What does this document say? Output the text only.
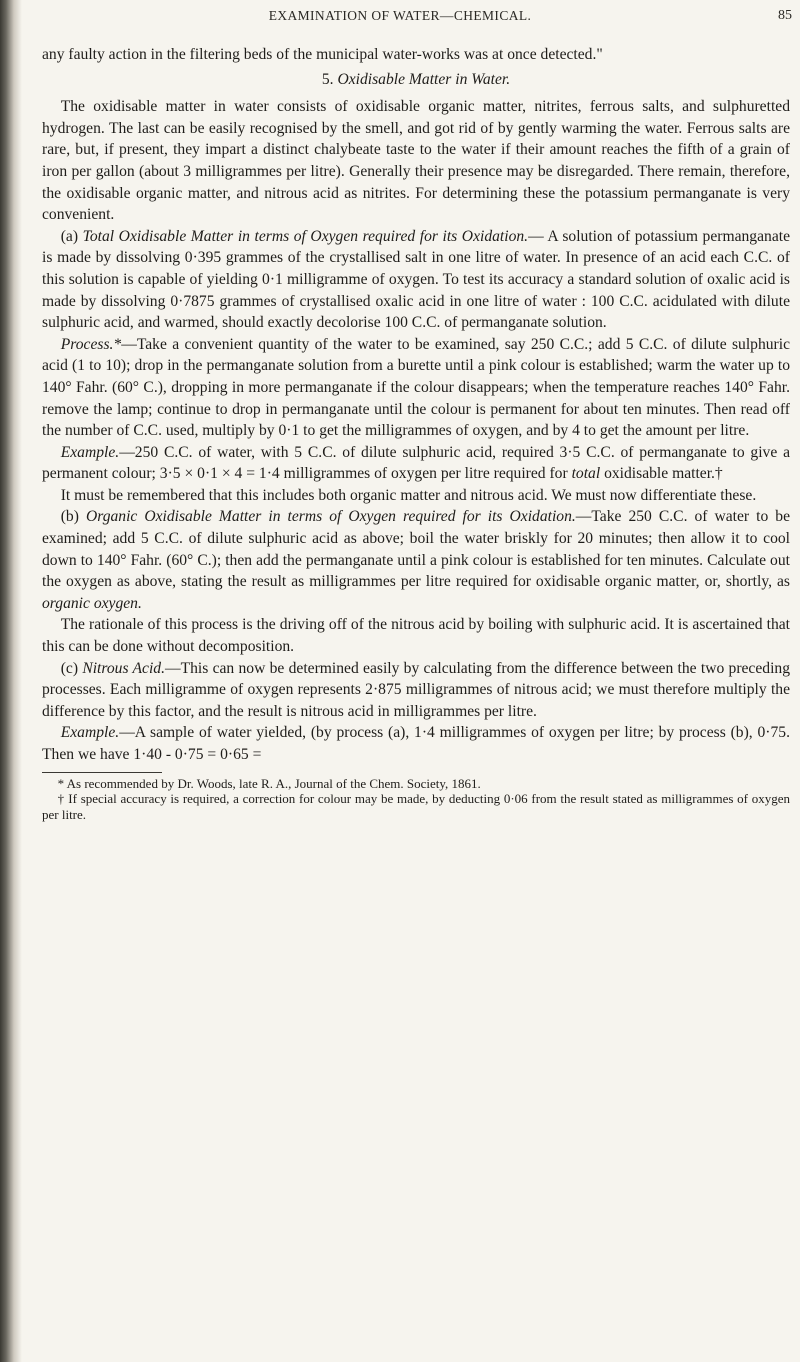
EXAMINATION OF WATER—CHEMICAL.	85

any faulty action in the filtering beds of the municipal water-works was at once detected."

5. Oxidisable Matter in Water.

The oxidisable matter in water consists of oxidisable organic matter, nitrites, ferrous salts, and sulphuretted hydrogen. The last can be easily recognised by the smell, and got rid of by gently warming the water. Ferrous salts are rare, but, if present, they impart a distinct chalybeate taste to the water if their amount reaches the fifth of a grain of iron per gallon (about 3 milligrammes per litre). Generally their presence may be disregarded. There remain, therefore, the oxidisable organic matter, and nitrous acid as nitrites. For determining these the potassium permanganate is very convenient.

(a) Total Oxidisable Matter in terms of Oxygen required for its Oxidation.— A solution of potassium permanganate is made by dissolving 0·395 grammes of the crystallised salt in one litre of water. In presence of an acid each C.C. of this solution is capable of yielding 0·1 milligramme of oxygen. To test its accuracy a standard solution of oxalic acid is made by dissolving 0·7875 grammes of crystallised oxalic acid in one litre of water : 100 C.C. acidulated with dilute sulphuric acid, and warmed, should exactly decolorise 100 C.C. of permanganate solution.

Process.*—Take a convenient quantity of the water to be examined, say 250 C.C.; add 5 C.C. of dilute sulphuric acid (1 to 10); drop in the permanganate solution from a burette until a pink colour is established; warm the water up to 140° Fahr. (60° C.), dropping in more permanganate if the colour disappears; when the temperature reaches 140° Fahr. remove the lamp; continue to drop in permanganate until the colour is permanent for about ten minutes. Then read off the number of C.C. used, multiply by 0·1 to get the milligrammes of oxygen, and by 4 to get the amount per litre.

Example.—250 C.C. of water, with 5 C.C. of dilute sulphuric acid, required 3·5 C.C. of permanganate to give a permanent colour; 3·5 × 0·1 × 4 = 1·4 milligrammes of oxygen per litre required for total oxidisable matter.†

It must be remembered that this includes both organic matter and nitrous acid. We must now differentiate these.

(b) Organic Oxidisable Matter in terms of Oxygen required for its Oxidation.—Take 250 C.C. of water to be examined; add 5 C.C. of dilute sulphuric acid as above; boil the water briskly for 20 minutes; then allow it to cool down to 140° Fahr. (60° C.); then add the permanganate until a pink colour is established for ten minutes. Calculate out the oxygen as above, stating the result as milligrammes per litre required for oxidisable organic matter, or, shortly, as organic oxygen.

The rationale of this process is the driving off of the nitrous acid by boiling with sulphuric acid. It is ascertained that this can be done without decomposition.

(c) Nitrous Acid.—This can now be determined easily by calculating from the difference between the two preceding processes. Each milligramme of oxygen represents 2·875 milligrammes of nitrous acid; we must therefore multiply the difference by this factor, and the result is nitrous acid in milligrammes per litre.

Example.—A sample of water yielded, (by process (a), 1·4 milligrammes of oxygen per litre; by process (b), 0·75. Then we have 1·40 - 0·75 = 0·65 =

* As recommended by Dr. Woods, late R. A., Journal of the Chem. Society, 1861.

† If special accuracy is required, a correction for colour may be made, by deducting 0·06 from the result stated as milligrammes of oxygen per litre.
